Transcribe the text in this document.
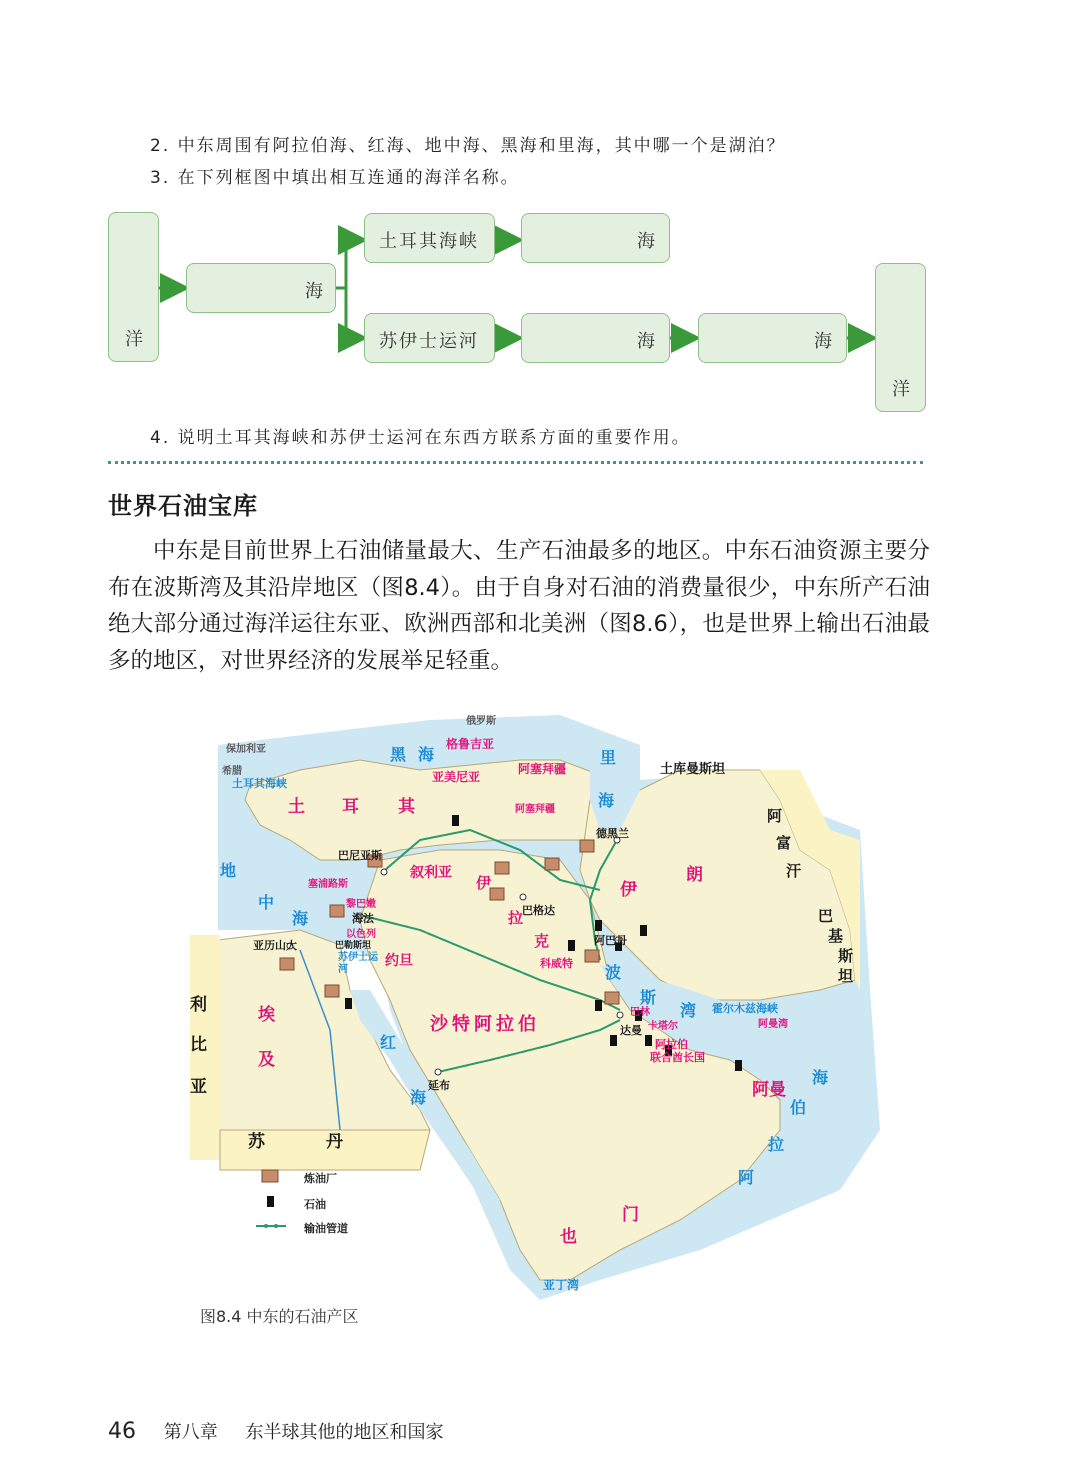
2. 中东周围有阿拉伯海、红海、地中海、黑海和里海，其中哪一个是湖泊？
3. 在下列框图中填出相互连通的海洋名称。
洋
海
土耳其海峡	海
苏伊士运河	海	海
洋
4. 说明土耳其海峡和苏伊士运河在东西方联系方面的重要作用。
世界石油宝库

中东是目前世界上石油储量最大、生产石油最多的地区。中东石油资源主要分布在波斯湾及其沿岸地区（图8.4）。由于自身对石油的消费量很少，中东所产石油绝大部分通过海洋运往东亚、欧洲西部和北美洲（图8.6），也是世界上输出石油最多的地区，对世界经济的发展举足轻重。

俄罗斯
保加利亚
希腊
土耳其海峡
黑 海
格鲁吉亚
亚美尼亚
阿塞拜疆
阿塞拜疆
土库曼斯坦
里
海
土 耳 其
巴尼亚斯
德黑兰
塞浦路斯
叙利亚
伊
拉
克
巴格达
伊
朗
黎巴嫩
海法
以色列
巴勒斯坦	阿巴丹
亚历山大
苏伊士运河
约旦	科威特
地
中
海
波
斯
湾
巴林	霍尔木兹海峡
阿
富
汗
巴
基
斯
坦
利
比
亚
埃
及
沙特阿拉伯	达曼 卡塔尔
阿拉伯
联合酋长国
阿曼湾
阿曼
红
海
延布	海
伯
拉
阿
苏	丹
也
门
亚丁湾
炼油厂
石油
输油管道
图8.4 中东的石油产区
46 第八章 东半球其他的地区和国家
